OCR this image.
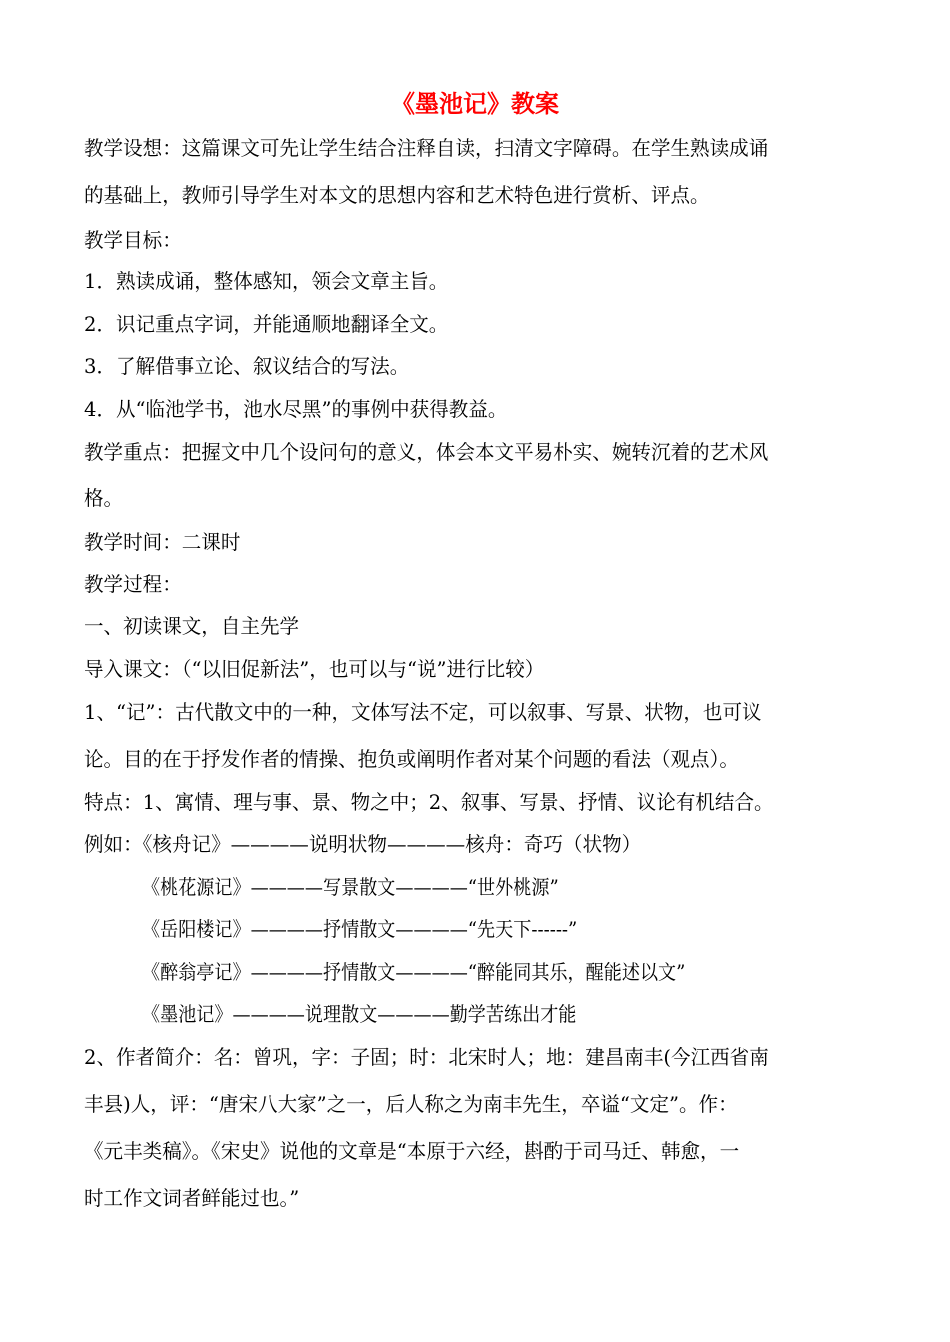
《墨池记》教案
教学设想：这篇课文可先让学生结合注释自读，扫清文字障碍。在学生熟读成诵
的基础上，教师引导学生对本文的思想内容和艺术特色进行赏析、评点。
教学目标：
1．熟读成诵，整体感知，领会文章主旨。
2．识记重点字词，并能通顺地翻译全文。
3．了解借事立论、叙议结合的写法。
4．从“临池学书，池水尽黑”的事例中获得教益。
教学重点：把握文中几个设问句的意义，体会本文平易朴实、婉转沉着的艺术风
格。
教学时间：二课时
教学过程：
一、初读课文，自主先学
导入课文：（“以旧促新法”，也可以与“说”进行比较）
1、“记”：古代散文中的一种，文体写法不定，可以叙事、写景、状物，也可议
论。目的在于抒发作者的情操、抱负或阐明作者对某个问题的看法（观点）。
特点：1、寓情、理与事、景、物之中；2、叙事、写景、抒情、议论有机结合。
例如：《核舟记》————说明状物————核舟：奇巧（状物）
《桃花源记》————写景散文————“世外桃源”
《岳阳楼记》————抒情散文————“先天下------”
《醉翁亭记》————抒情散文————“醉能同其乐，醒能述以文”
《墨池记》————说理散文————勤学苦练出才能
2、作者简介：名：曾巩，字：子固；时：北宋时人；地：建昌南丰(今江西省南
丰县)人，评：“唐宋八大家”之一，后人称之为南丰先生，卒谥“文定”。作：
《元丰类稿》。《宋史》说他的文章是“本原于六经，斟酌于司马迁、韩愈，一
时工作文词者鲜能过也。”
